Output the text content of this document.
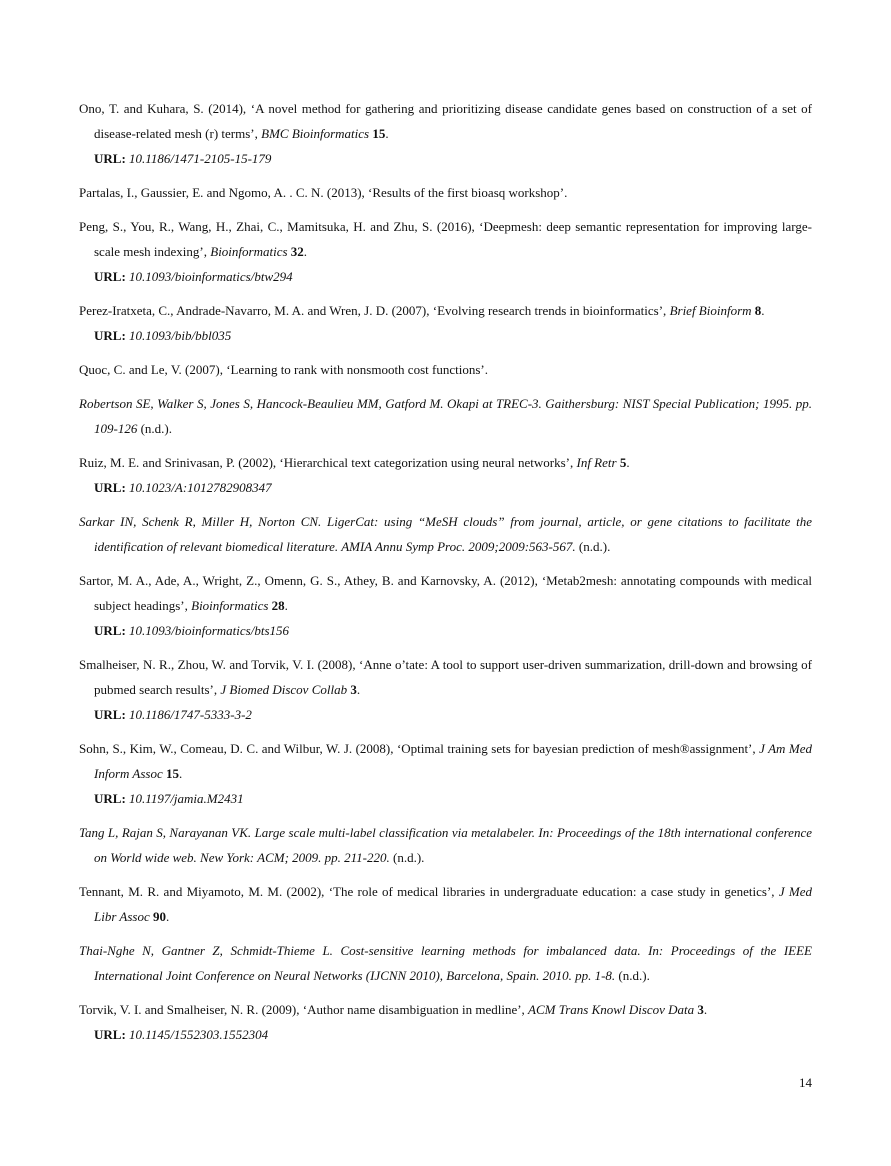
Ono, T. and Kuhara, S. (2014), ‘A novel method for gathering and prioritizing disease candidate genes based on construction of a set of disease-related mesh (r) terms’, BMC Bioinformatics 15.
URL: 10.1186/1471-2105-15-179

Partalas, I., Gaussier, E. and Ngomo, A. . C. N. (2013), ‘Results of the first bioasq workshop’.

Peng, S., You, R., Wang, H., Zhai, C., Mamitsuka, H. and Zhu, S. (2016), ‘Deepmesh: deep semantic representation for improving large-scale mesh indexing’, Bioinformatics 32.
URL: 10.1093/bioinformatics/btw294

Perez-Iratxeta, C., Andrade-Navarro, M. A. and Wren, J. D. (2007), ‘Evolving research trends in bioinformatics’, Brief Bioinform 8.
URL: 10.1093/bib/bbl035

Quoc, C. and Le, V. (2007), ‘Learning to rank with nonsmooth cost functions’.

Robertson SE, Walker S, Jones S, Hancock-Beaulieu MM, Gatford M. Okapi at TREC-3. Gaithersburg: NIST Special Publication; 1995. pp. 109-126 (n.d.).

Ruiz, M. E. and Srinivasan, P. (2002), ‘Hierarchical text categorization using neural networks’, Inf Retr 5.
URL: 10.1023/A:1012782908347

Sarkar IN, Schenk R, Miller H, Norton CN. LigerCat: using “MeSH clouds” from journal, article, or gene citations to facilitate the identification of relevant biomedical literature. AMIA Annu Symp Proc. 2009;2009:563-567. (n.d.).

Sartor, M. A., Ade, A., Wright, Z., Omenn, G. S., Athey, B. and Karnovsky, A. (2012), ‘Metab2mesh: annotating compounds with medical subject headings’, Bioinformatics 28.
URL: 10.1093/bioinformatics/bts156

Smalheiser, N. R., Zhou, W. and Torvik, V. I. (2008), ‘Anne o’tate: A tool to support user-driven summarization, drill-down and browsing of pubmed search results’, J Biomed Discov Collab 3.
URL: 10.1186/1747-5333-3-2

Sohn, S., Kim, W., Comeau, D. C. and Wilbur, W. J. (2008), ‘Optimal training sets for bayesian prediction of mesh®assignment’, J Am Med Inform Assoc 15.
URL: 10.1197/jamia.M2431

Tang L, Rajan S, Narayanan VK. Large scale multi-label classification via metalabeler. In: Proceedings of the 18th international conference on World wide web. New York: ACM; 2009. pp. 211-220. (n.d.).

Tennant, M. R. and Miyamoto, M. M. (2002), ‘The role of medical libraries in undergraduate education: a case study in genetics’, J Med Libr Assoc 90.

Thai-Nghe N, Gantner Z, Schmidt-Thieme L. Cost-sensitive learning methods for imbalanced data. In: Proceedings of the IEEE International Joint Conference on Neural Networks (IJCNN 2010), Barcelona, Spain. 2010. pp. 1-8. (n.d.).

Torvik, V. I. and Smalheiser, N. R. (2009), ‘Author name disambiguation in medline’, ACM Trans Knowl Discov Data 3.
URL: 10.1145/1552303.1552304

14
